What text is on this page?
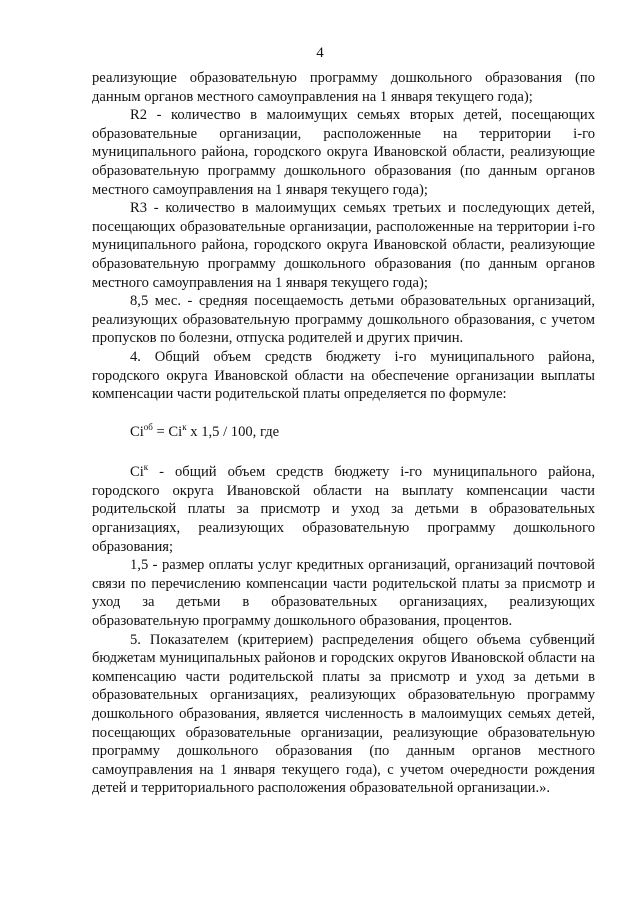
4

реализующие образовательную программу дошкольного образования (по данным органов местного самоуправления на 1 января текущего года);

R2 - количество в малоимущих семьях вторых детей, посещающих образовательные организации, расположенные на территории i-го муниципального района, городского округа Ивановской области, реализующие образовательную программу дошкольного образования (по данным органов местного самоуправления на 1 января текущего года);

R3 - количество в малоимущих семьях третьих и последующих детей, посещающих образовательные организации, расположенные на территории i-го муниципального района, городского округа Ивановской области, реализующие образовательную программу дошкольного образования (по данным органов местного самоуправления на 1 января текущего года);

8,5 мес. - средняя посещаемость детьми образовательных организаций, реализующих образовательную программу дошкольного образования, с учетом пропусков по болезни, отпуска родителей и других причин.

4. Общий объем средств бюджету i-го муниципального района, городского округа Ивановской области на обеспечение организации выплаты компенсации части родительской платы определяется по формуле:

$Ci^{об} = Ci^к$ x 1,5 / 100, где

$Ci^к$ - общий объем средств бюджету i-го муниципального района, городского округа Ивановской области на выплату компенсации части родительской платы за присмотр и уход за детьми в образовательных организациях, реализующих образовательную программу дошкольного образования;

1,5 - размер оплаты услуг кредитных организаций, организаций почтовой связи по перечислению компенсации части родительской платы за присмотр и уход за детьми в образовательных организациях, реализующих образовательную программу дошкольного образования, процентов.

5. Показателем (критерием) распределения общего объема субвенций бюджетам муниципальных районов и городских округов Ивановской области на компенсацию части родительской платы за присмотр и уход за детьми в образовательных организациях, реализующих образовательную программу дошкольного образования, является численность в малоимущих семьях детей, посещающих образовательные организации, реализующие образовательную программу дошкольного образования (по данным органов местного самоуправления на 1 января текущего года), с учетом очередности рождения детей и территориального расположения образовательной организации.».
